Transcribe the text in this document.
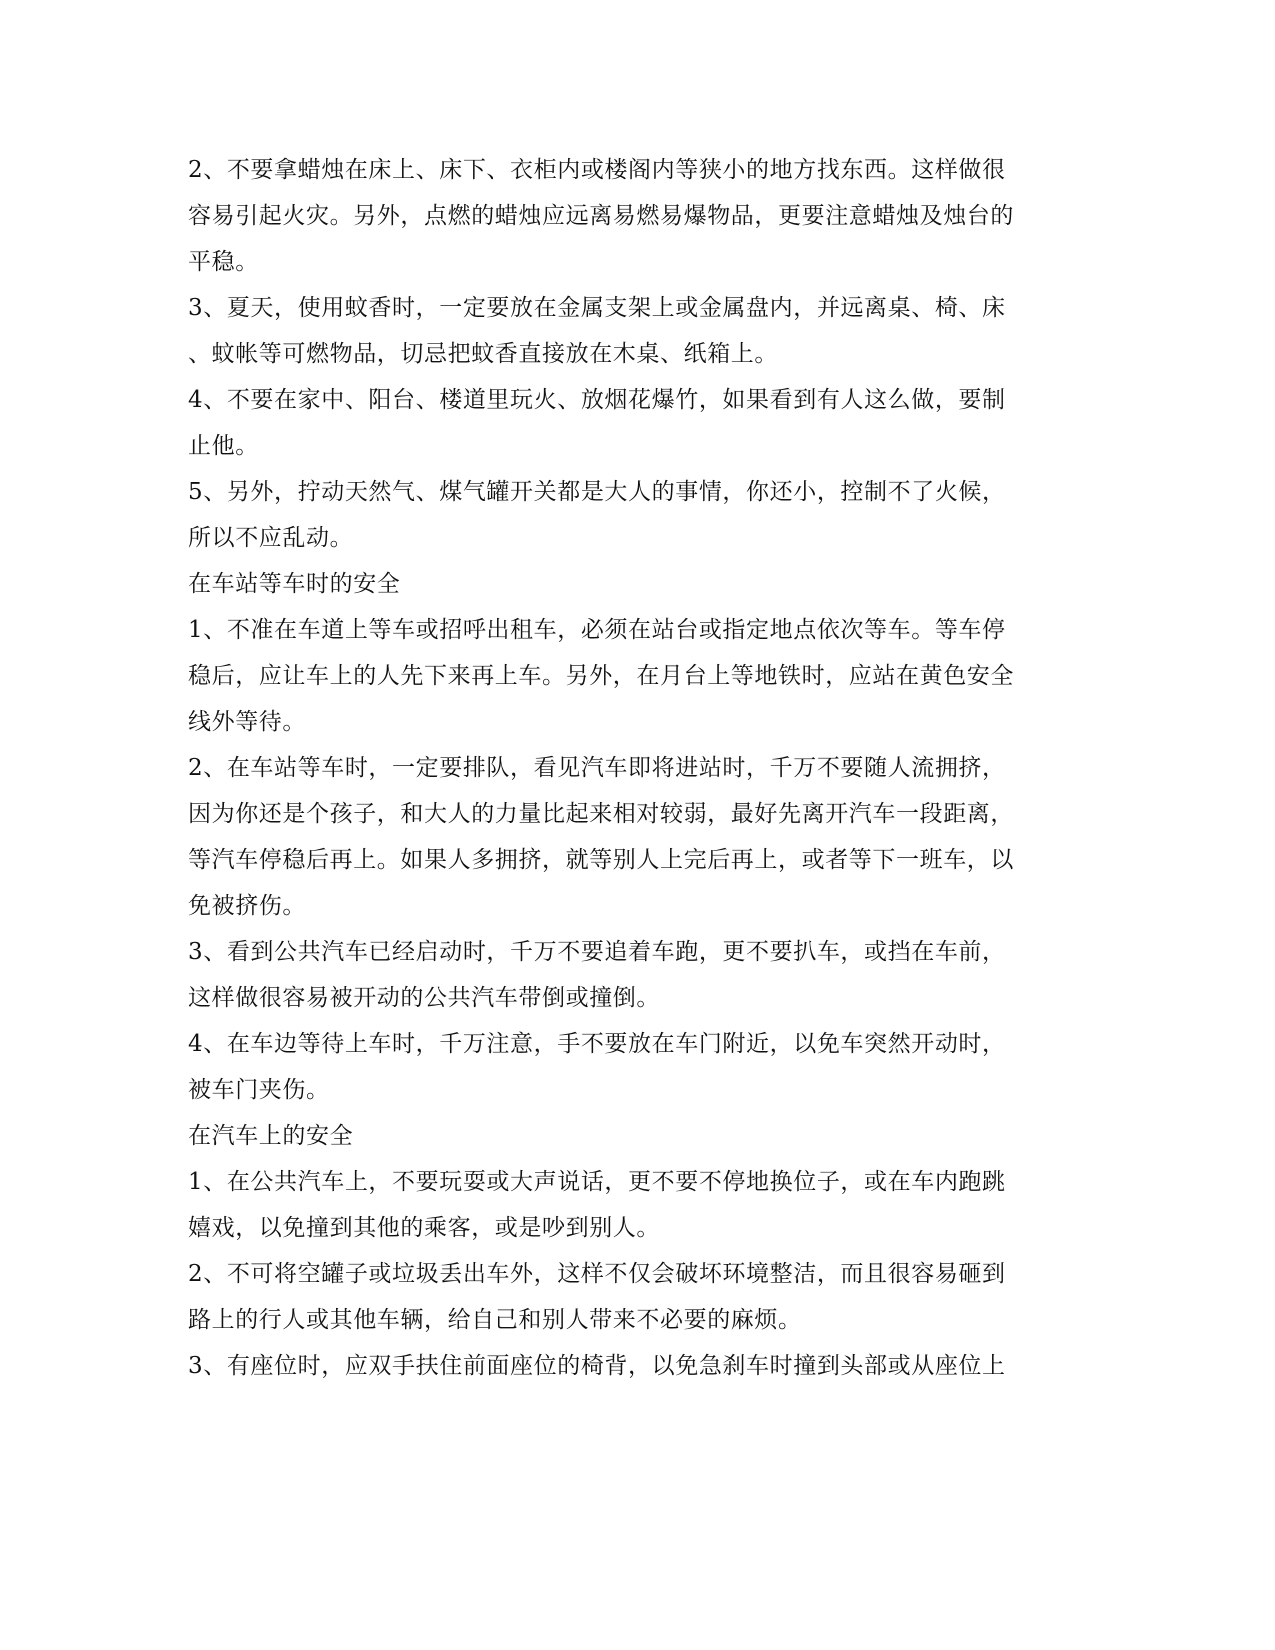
2、不要拿蜡烛在床上、床下、衣柜内或楼阁内等狭小的地方找东西。这样做很
容易引起火灾。另外，点燃的蜡烛应远离易燃易爆物品，更要注意蜡烛及烛台的
平稳。
3、夏天，使用蚊香时，一定要放在金属支架上或金属盘内，并远离桌、椅、床
、蚊帐等可燃物品，切忌把蚊香直接放在木桌、纸箱上。
4、不要在家中、阳台、楼道里玩火、放烟花爆竹，如果看到有人这么做，要制
止他。
5、另外，拧动天然气、煤气罐开关都是大人的事情，你还小，控制不了火候，
所以不应乱动。
在车站等车时的安全
1、不准在车道上等车或招呼出租车，必须在站台或指定地点依次等车。等车停
稳后，应让车上的人先下来再上车。另外，在月台上等地铁时，应站在黄色安全
线外等待。
2、在车站等车时，一定要排队，看见汽车即将进站时，千万不要随人流拥挤，
因为你还是个孩子，和大人的力量比起来相对较弱，最好先离开汽车一段距离，
等汽车停稳后再上。如果人多拥挤，就等别人上完后再上，或者等下一班车，以
免被挤伤。
3、看到公共汽车已经启动时，千万不要追着车跑，更不要扒车，或挡在车前，
这样做很容易被开动的公共汽车带倒或撞倒。
4、在车边等待上车时，千万注意，手不要放在车门附近，以免车突然开动时，
被车门夹伤。
在汽车上的安全
1、在公共汽车上，不要玩耍或大声说话，更不要不停地换位子，或在车内跑跳
嬉戏，以免撞到其他的乘客，或是吵到别人。
2、不可将空罐子或垃圾丢出车外，这样不仅会破坏环境整洁，而且很容易砸到
路上的行人或其他车辆，给自己和别人带来不必要的麻烦。
3、有座位时，应双手扶住前面座位的椅背，以免急刹车时撞到头部或从座位上
